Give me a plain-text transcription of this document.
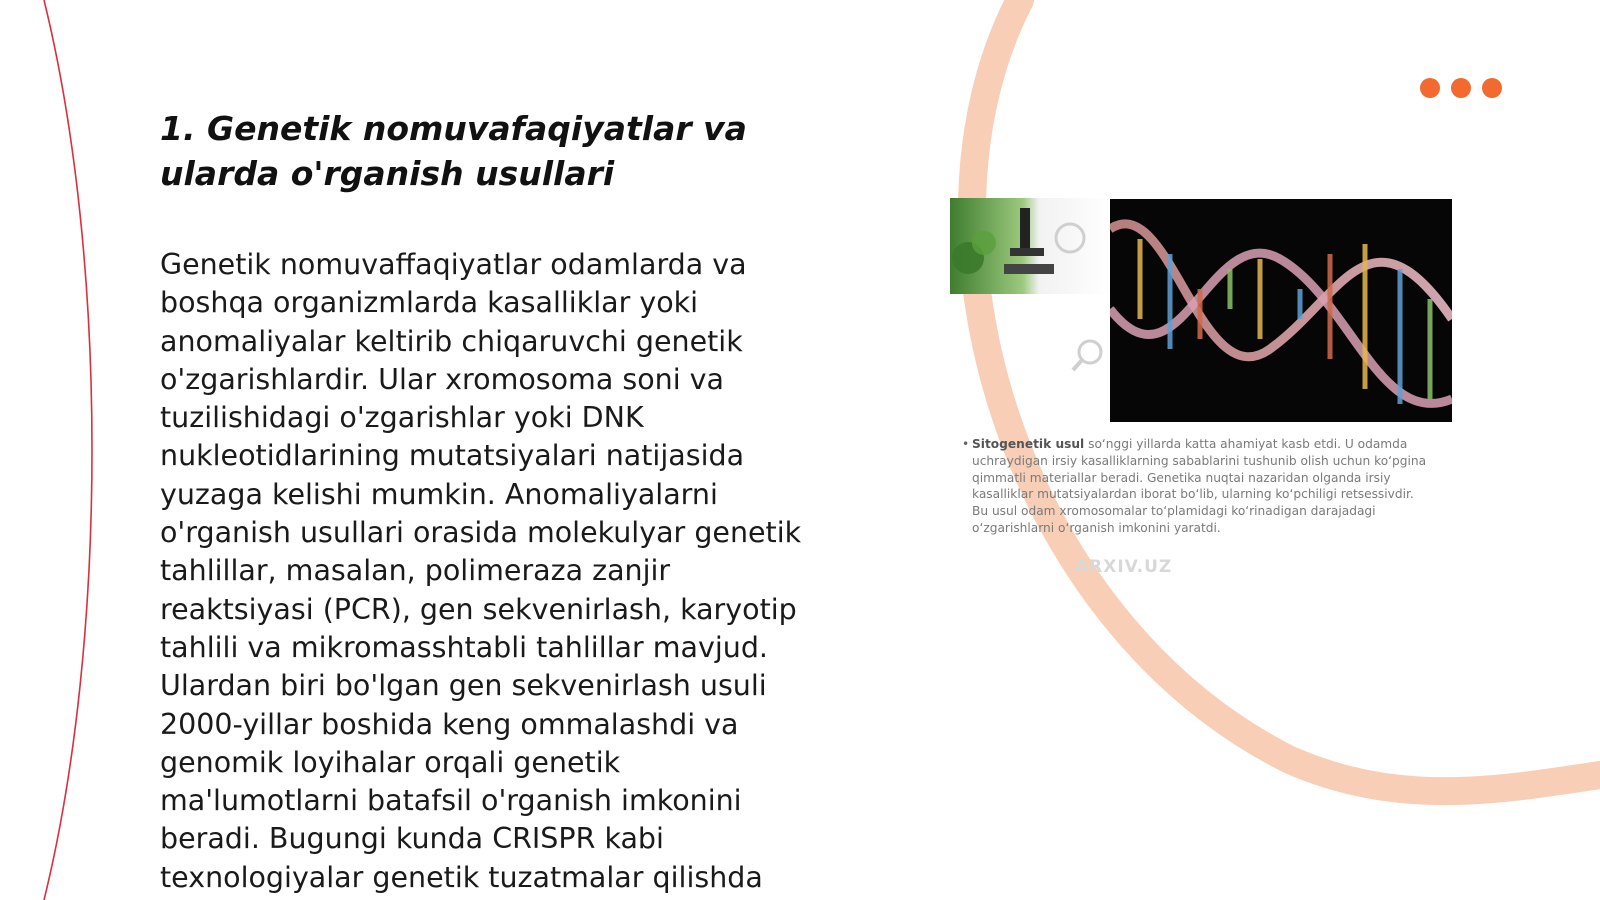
1. Genetik nomuvafaqiyatlar va
ularda o'rganish usullari

Genetik nomuvaffaqiyatlar odamlarda va
boshqa organizmlarda kasalliklar yoki
anomaliyalar keltirib chiqaruvchi genetik
o'zgarishlardir. Ular xromosoma soni va
tuzilishidagi o'zgarishlar yoki DNK
nukleotidlarining mutatsiyalari natijasida
yuzaga kelishi mumkin. Anomaliyalarni
o'rganish usullari orasida molekulyar genetik
tahlillar, masalan, polimeraza zanjir
reaktsiyasi (PCR), gen sekvenirlash, karyotip
tahlili va mikromasshtabli tahlillar mavjud.
Ulardan biri bo'lgan gen sekvenirlash usuli
2000-yillar boshida keng ommalashdi va
genomik loyihalar orqali genetik
ma'lumotlarni batafsil o'rganish imkonini
beradi. Bugungi kunda CRISPR kabi
texnologiyalar genetik tuzatmalar qilishda

• Sitogenetik usul so‘nggi yillarda katta ahamiyat kasb etdi. U odamda uchraydigan irsiy kasalliklarning sabablarini tushunib olish uchun ko‘pgina qimmatli materiallar beradi. Genetika nuqtai nazaridan olganda irsiy kasalliklar mutatsiyalardan iborat bo‘lib, ularning ko‘pchiligi retsessivdir. Bu usul odam xromosomalar to‘plamidagi ko‘rinadigan darajadagi o‘zgarishlarni o‘rganish imkonini yaratdi.
ARXIV.UZ
